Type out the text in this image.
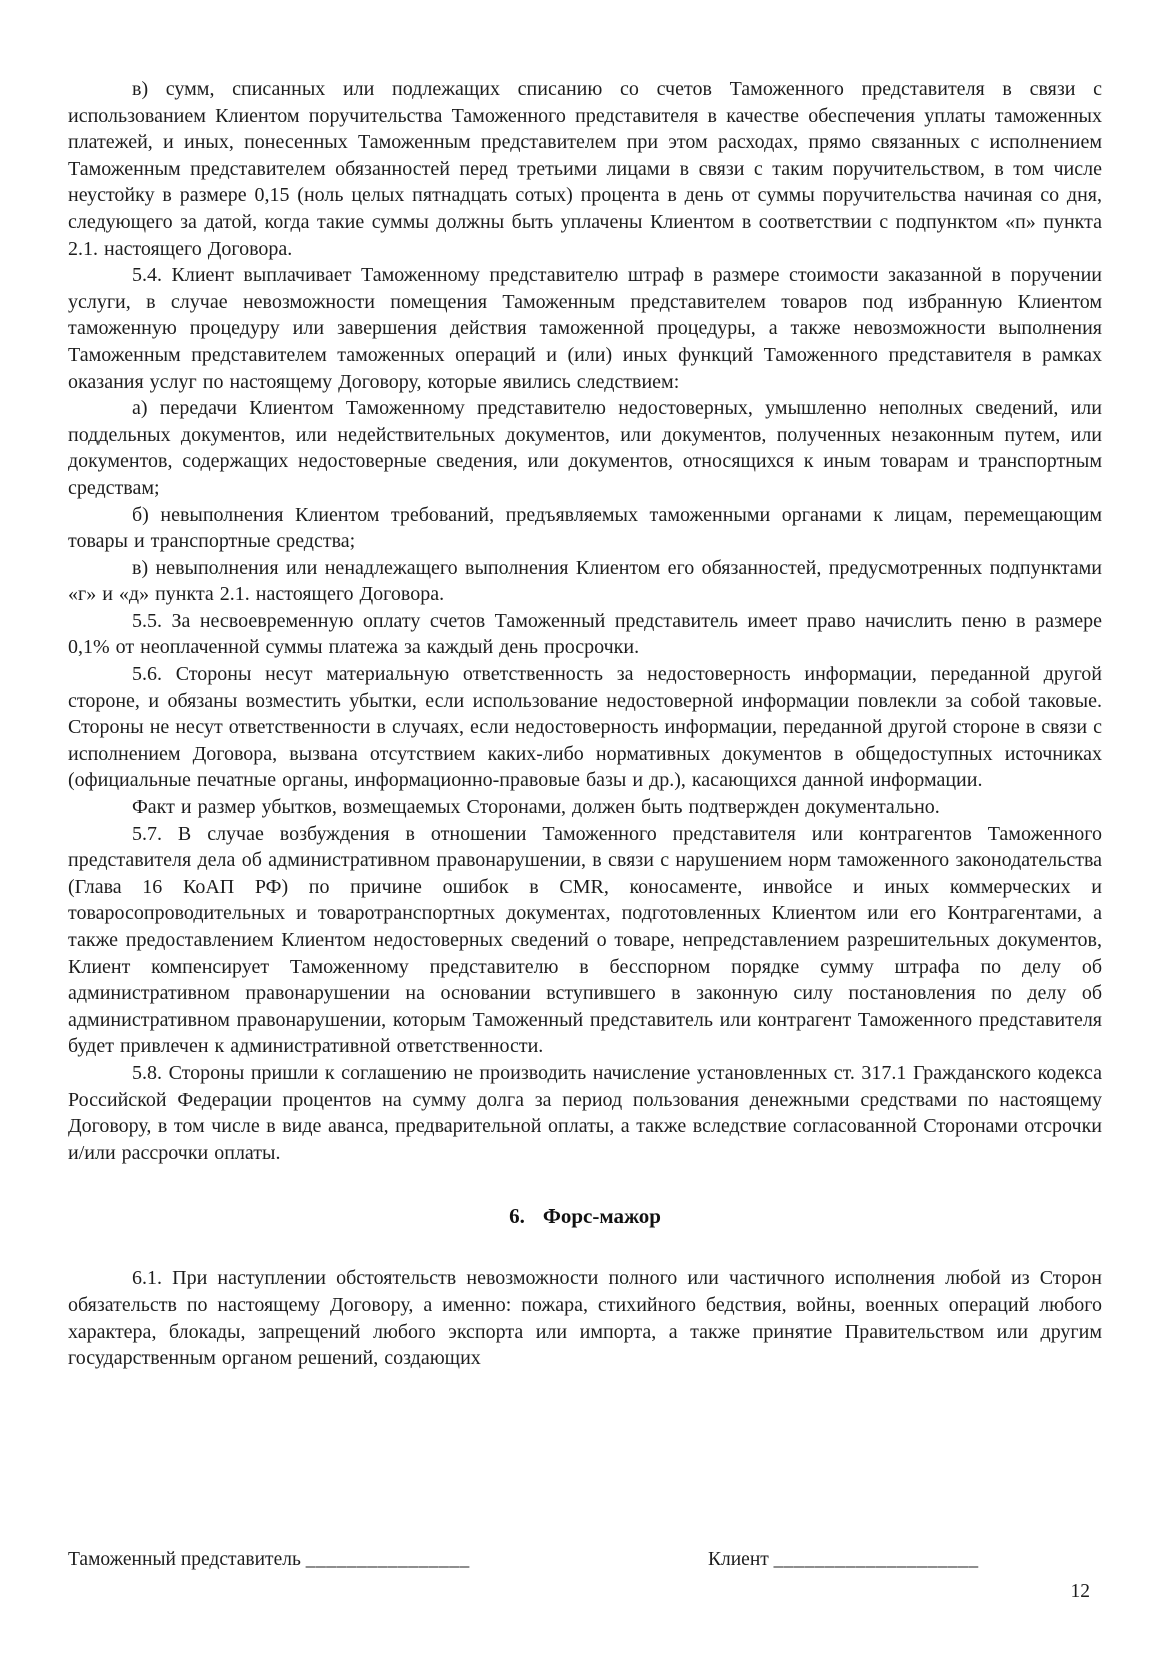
в) сумм, списанных или подлежащих списанию со счетов Таможенного представителя в связи с использованием Клиентом поручительства Таможенного представителя в качестве обеспечения уплаты таможенных платежей, и иных, понесенных Таможенным представителем при этом расходах, прямо связанных с исполнением Таможенным представителем обязанностей перед третьими лицами в связи с таким поручительством, в том числе неустойку в размере 0,15 (ноль целых пятнадцать сотых) процента в день от суммы поручительства начиная со дня, следующего за датой, когда такие суммы должны быть уплачены Клиентом в соответствии с подпунктом «п» пункта 2.1. настоящего Договора.

5.4. Клиент выплачивает Таможенному представителю штраф в размере стоимости заказанной в поручении услуги, в случае невозможности помещения Таможенным представителем товаров под избранную Клиентом таможенную процедуру или завершения действия таможенной процедуры, а также невозможности выполнения Таможенным представителем таможенных операций и (или) иных функций Таможенного представителя в рамках оказания услуг по настоящему Договору, которые явились следствием:

а) передачи Клиентом Таможенному представителю недостоверных, умышленно неполных сведений, или поддельных документов, или недействительных документов, или документов, полученных незаконным путем, или документов, содержащих недостоверные сведения, или документов, относящихся к иным товарам и транспортным средствам;

б) невыполнения Клиентом требований, предъявляемых таможенными органами к лицам, перемещающим товары и транспортные средства;

в) невыполнения или ненадлежащего выполнения Клиентом его обязанностей, предусмотренных подпунктами «г» и «д» пункта 2.1. настоящего Договора.

5.5. За несвоевременную оплату счетов Таможенный представитель имеет право начислить пеню в размере 0,1% от неоплаченной суммы платежа за каждый день просрочки.

5.6. Стороны несут материальную ответственность за недостоверность информации, переданной другой стороне, и обязаны возместить убытки, если использование недостоверной информации повлекли за собой таковые. Стороны не несут ответственности в случаях, если недостоверность информации, переданной другой стороне в связи с исполнением Договора, вызвана отсутствием каких-либо нормативных документов в общедоступных источниках (официальные печатные органы, информационно-правовые базы и др.), касающихся данной информации.

Факт и размер убытков, возмещаемых Сторонами, должен быть подтвержден документально.

5.7. В случае возбуждения в отношении Таможенного представителя или контрагентов Таможенного представителя дела об административном правонарушении, в связи с нарушением норм таможенного законодательства (Глава 16 КоАП РФ) по причине ошибок в CMR, коносаменте, инвойсе и иных коммерческих и товаросопроводительных и товаротранспортных документах, подготовленных Клиентом или его Контрагентами, а также предоставлением Клиентом недостоверных сведений о товаре, непредставлением разрешительных документов, Клиент компенсирует Таможенному представителю в бесспорном порядке сумму штрафа по делу об административном правонарушении на основании вступившего в законную силу постановления по делу об административном правонарушении, которым Таможенный представитель или контрагент Таможенного представителя будет привлечен к административной ответственности.

5.8. Стороны пришли к соглашению не производить начисление установленных ст. 317.1 Гражданского кодекса Российской Федерации процентов на сумму долга за период пользования денежными средствами по настоящему Договору, в том числе в виде аванса, предварительной оплаты, а также вследствие согласованной Сторонами отсрочки и/или рассрочки оплаты.

6. Форс-мажор

6.1. При наступлении обстоятельств невозможности полного или частичного исполнения любой из Сторон обязательств по настоящему Договору, а именно: пожара, стихийного бедствия, войны, военных операций любого характера, блокады, запрещений любого экспорта или импорта, а также принятие Правительством или другим государственным органом решений, создающих

Таможенный представитель ________________	Клиент ____________________
12
